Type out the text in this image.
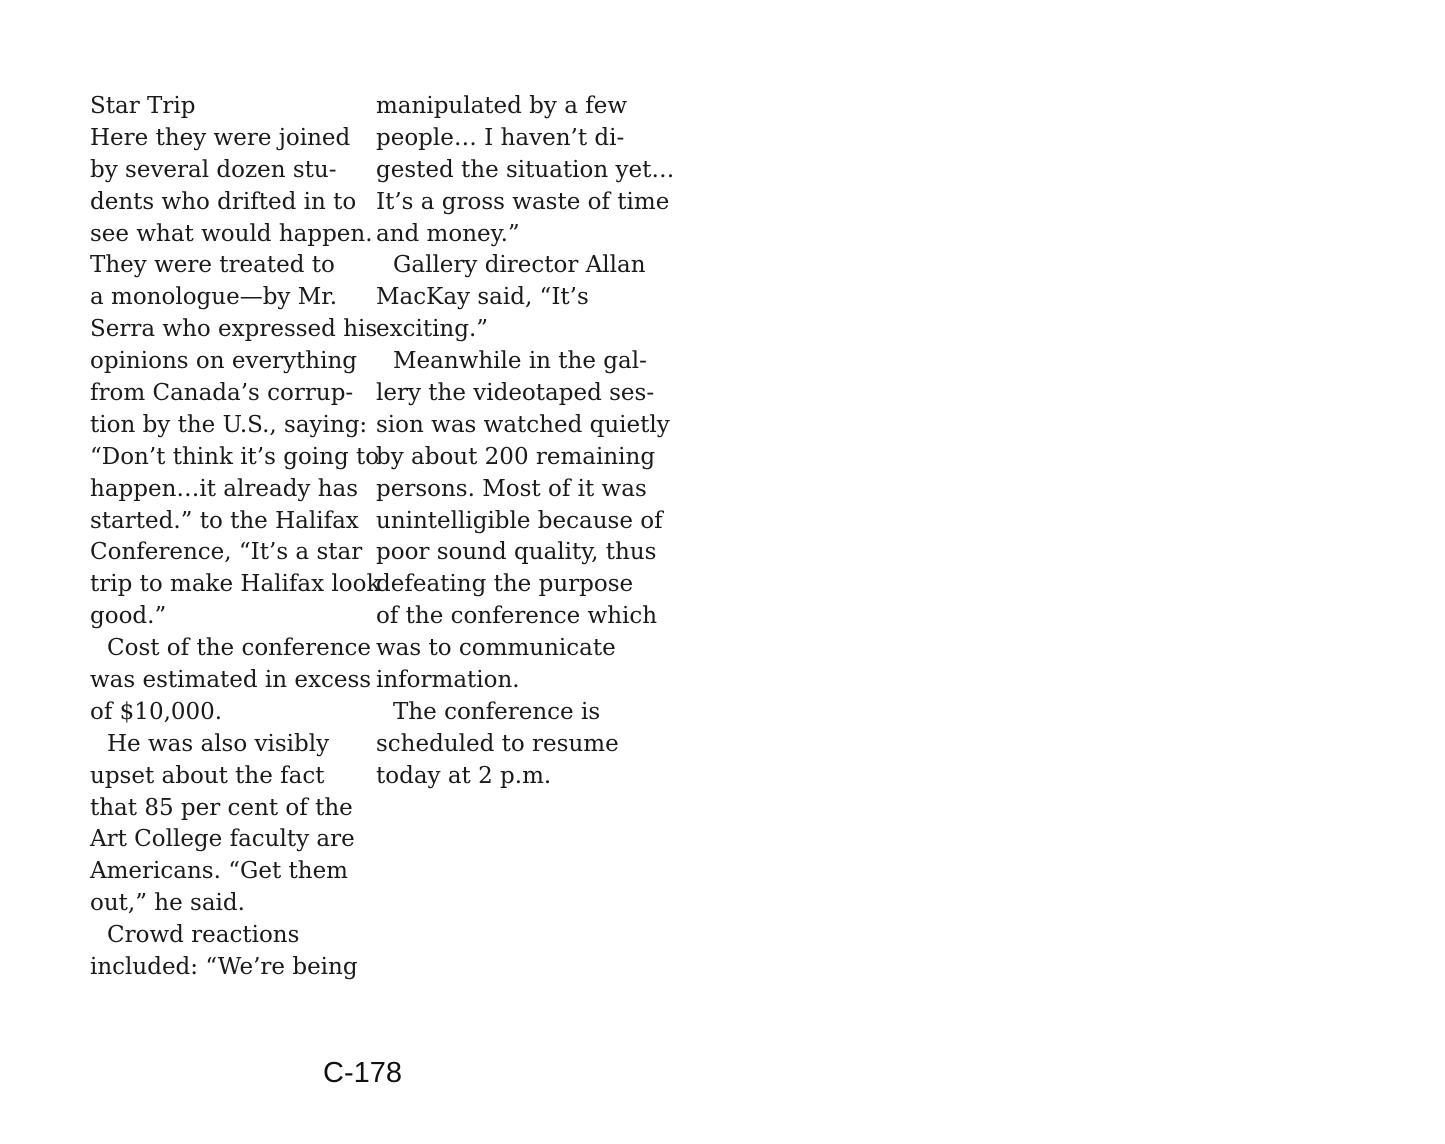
Star Trip
Here they were joined
by several dozen stu-
dents who drifted in to
see what would happen.
They were treated to
a monologue—by Mr.
Serra who expressed his
opinions on everything
from Canada’s corrup-
tion by the U.S., saying:
“Don’t think it’s going to
happen…it already has
started.” to the Halifax
Conference, “It’s a star
trip to make Halifax look
good.”
Cost of the conference
was estimated in excess
of $10,000.
He was also visibly
upset about the fact
that 85 per cent of the
Art College faculty are
Americans. “Get them
out,” he said.
Crowd reactions
included: “We’re being
manipulated by a few
people… I haven’t di-
gested the situation yet…
It’s a gross waste of time
and money.”
Gallery director Allan
MacKay said, “It’s
exciting.”
Meanwhile in the gal-
lery the videotaped ses-
sion was watched quietly
by about 200 remaining
persons. Most of it was
unintelligible because of
poor sound quality, thus
defeating the purpose
of the conference which
was to communicate
information.
The conference is
scheduled to resume
today at 2 p.m.
C-178
